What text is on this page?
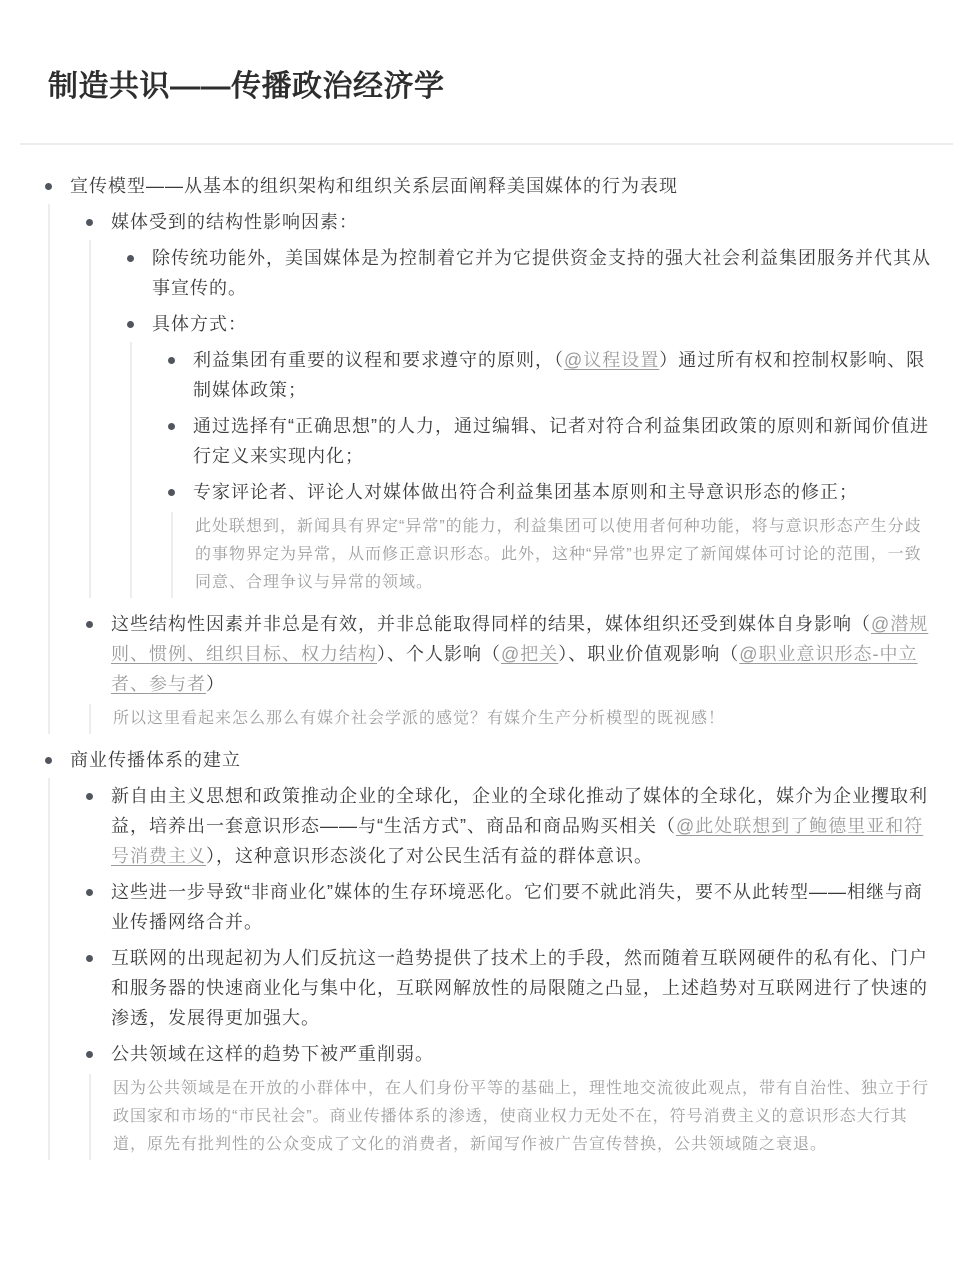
制造共识——传播政治经济学
宣传模型——从基本的组织架构和组织关系层面阐释美国媒体的行为表现
媒体受到的结构性影响因素：
除传统功能外，美国媒体是为控制着它并为它提供资金支持的强大社会利益集团服务并代其从事宣传的。
具体方式：
利益集团有重要的议程和要求遵守的原则，（@议程设置）通过所有权和控制权影响、限制媒体政策；
通过选择有“正确思想”的人力，通过编辑、记者对符合利益集团政策的原则和新闻价值进行定义来实现内化；
专家评论者、评论人对媒体做出符合利益集团基本原则和主导意识形态的修正；
此处联想到，新闻具有界定“异常”的能力，利益集团可以使用者何种功能，将与意识形态产生分歧的事物界定为异常，从而修正意识形态。此外，这种“异常”也界定了新闻媒体可讨论的范围，一致同意、合理争议与异常的领域。
这些结构性因素并非总是有效，并非总能取得同样的结果，媒体组织还受到媒体自身影响（@潜规则、惯例、组织目标、权力结构）、个人影响（@把关）、职业价值观影响（@职业意识形态-中立者、参与者）
所以这里看起来怎么那么有媒介社会学派的感觉？有媒介生产分析模型的既视感！
商业传播体系的建立
新自由主义思想和政策推动企业的全球化，企业的全球化推动了媒体的全球化，媒介为企业攫取利益，培养出一套意识形态——与“生活方式”、商品和商品购买相关（@此处联想到了鲍德里亚和符号消费主义），这种意识形态淡化了对公民生活有益的群体意识。
这些进一步导致“非商业化”媒体的生存环境恶化。它们要不就此消失，要不从此转型——相继与商业传播网络合并。
互联网的出现起初为人们反抗这一趋势提供了技术上的手段，然而随着互联网硬件的私有化、门户和服务器的快速商业化与集中化，互联网解放性的局限随之凸显，上述趋势对互联网进行了快速的渗透，发展得更加强大。
公共领域在这样的趋势下被严重削弱。
因为公共领域是在开放的小群体中，在人们身份平等的基础上，理性地交流彼此观点，带有自治性、独立于行政国家和市场的“市民社会”。商业传播体系的渗透，使商业权力无处不在，符号消费主义的意识形态大行其道，原先有批判性的公众变成了文化的消费者，新闻写作被广告宣传替换，公共领域随之衰退。
